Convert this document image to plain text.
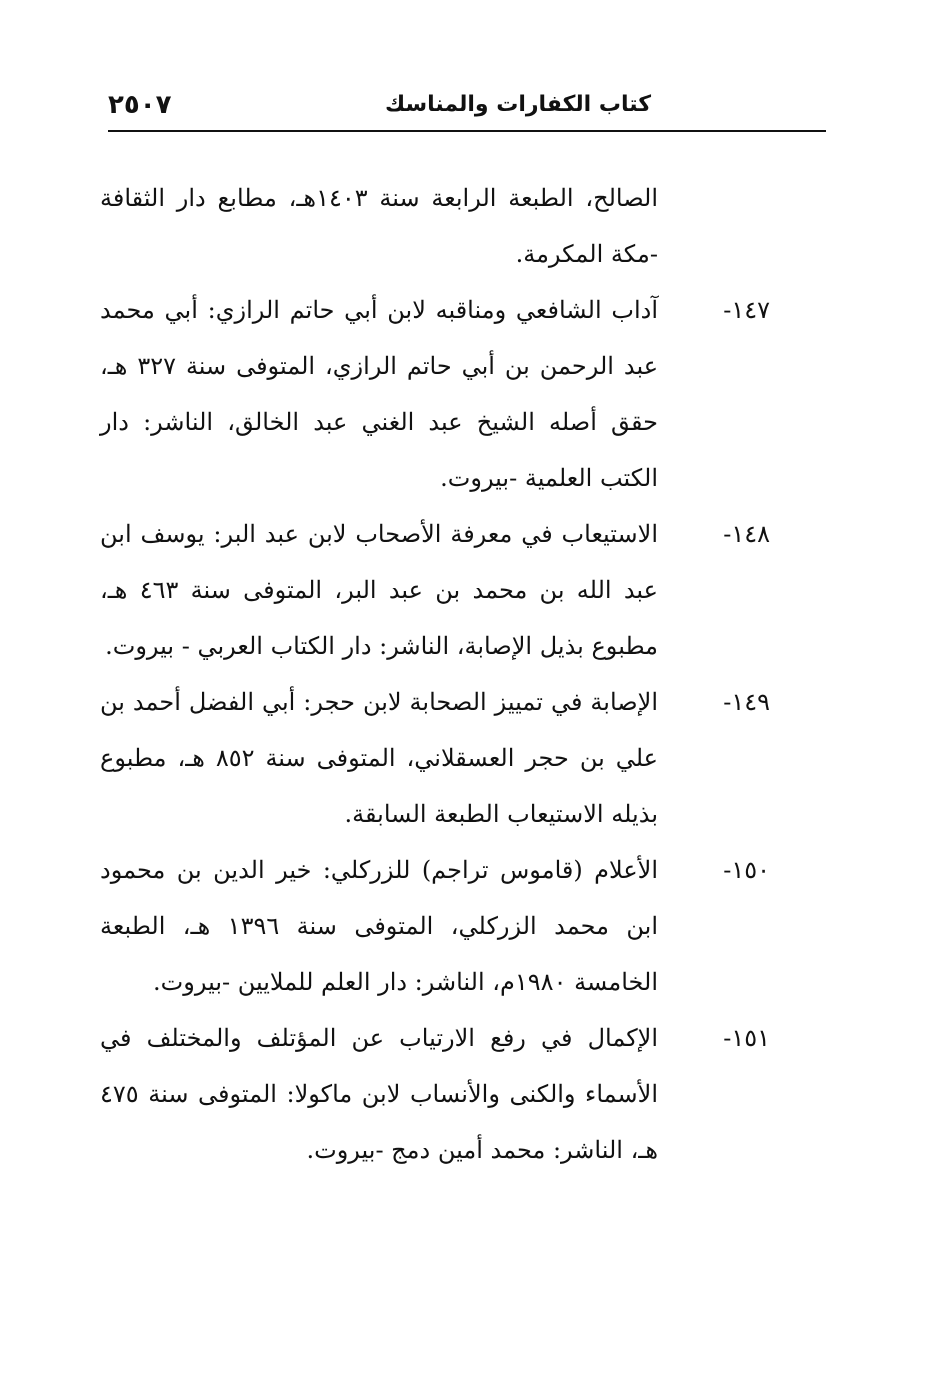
كتاب الكفارات والمناسك
٢٥٠٧
الصالح، الطبعة الرابعة سنة ١٤٠٣هـ، مطابع دار الثقافة -مكة المكرمة.
١٤٧-
آداب الشافعي ومناقبه لابن أبي حاتم الرازي: أبي محمد عبد الرحمن بن أبي حاتم الرازي، المتوفى سنة ٣٢٧ هـ، حقق أصله الشيخ عبد الغني عبد الخالق، الناشر: دار الكتب العلمية -بيروت.
١٤٨-
الاستيعاب في معرفة الأصحاب لابن عبد البر: يوسف ابن عبد الله بن محمد بن عبد البر، المتوفى سنة ٤٦٣ هـ، مطبوع بذيل الإصابة، الناشر: دار الكتاب العربي - بيروت.
١٤٩-
الإصابة في تمييز الصحابة لابن حجر: أبي الفضل أحمد بن علي بن حجر العسقلاني، المتوفى سنة ٨٥٢ هـ، مطبوع بذيله الاستيعاب الطبعة السابقة.
١٥٠-
الأعلام (قاموس تراجم) للزركلي: خير الدين بن محمود ابن محمد الزركلي، المتوفى سنة ١٣٩٦ هـ، الطبعة الخامسة ١٩٨٠م، الناشر: دار العلم للملايين -بيروت.
١٥١-
الإكمال في رفع الارتياب عن المؤتلف والمختلف في الأسماء والكنى والأنساب لابن ماكولا: المتوفى سنة ٤٧٥ هـ، الناشر: محمد أمين دمج -بيروت.
